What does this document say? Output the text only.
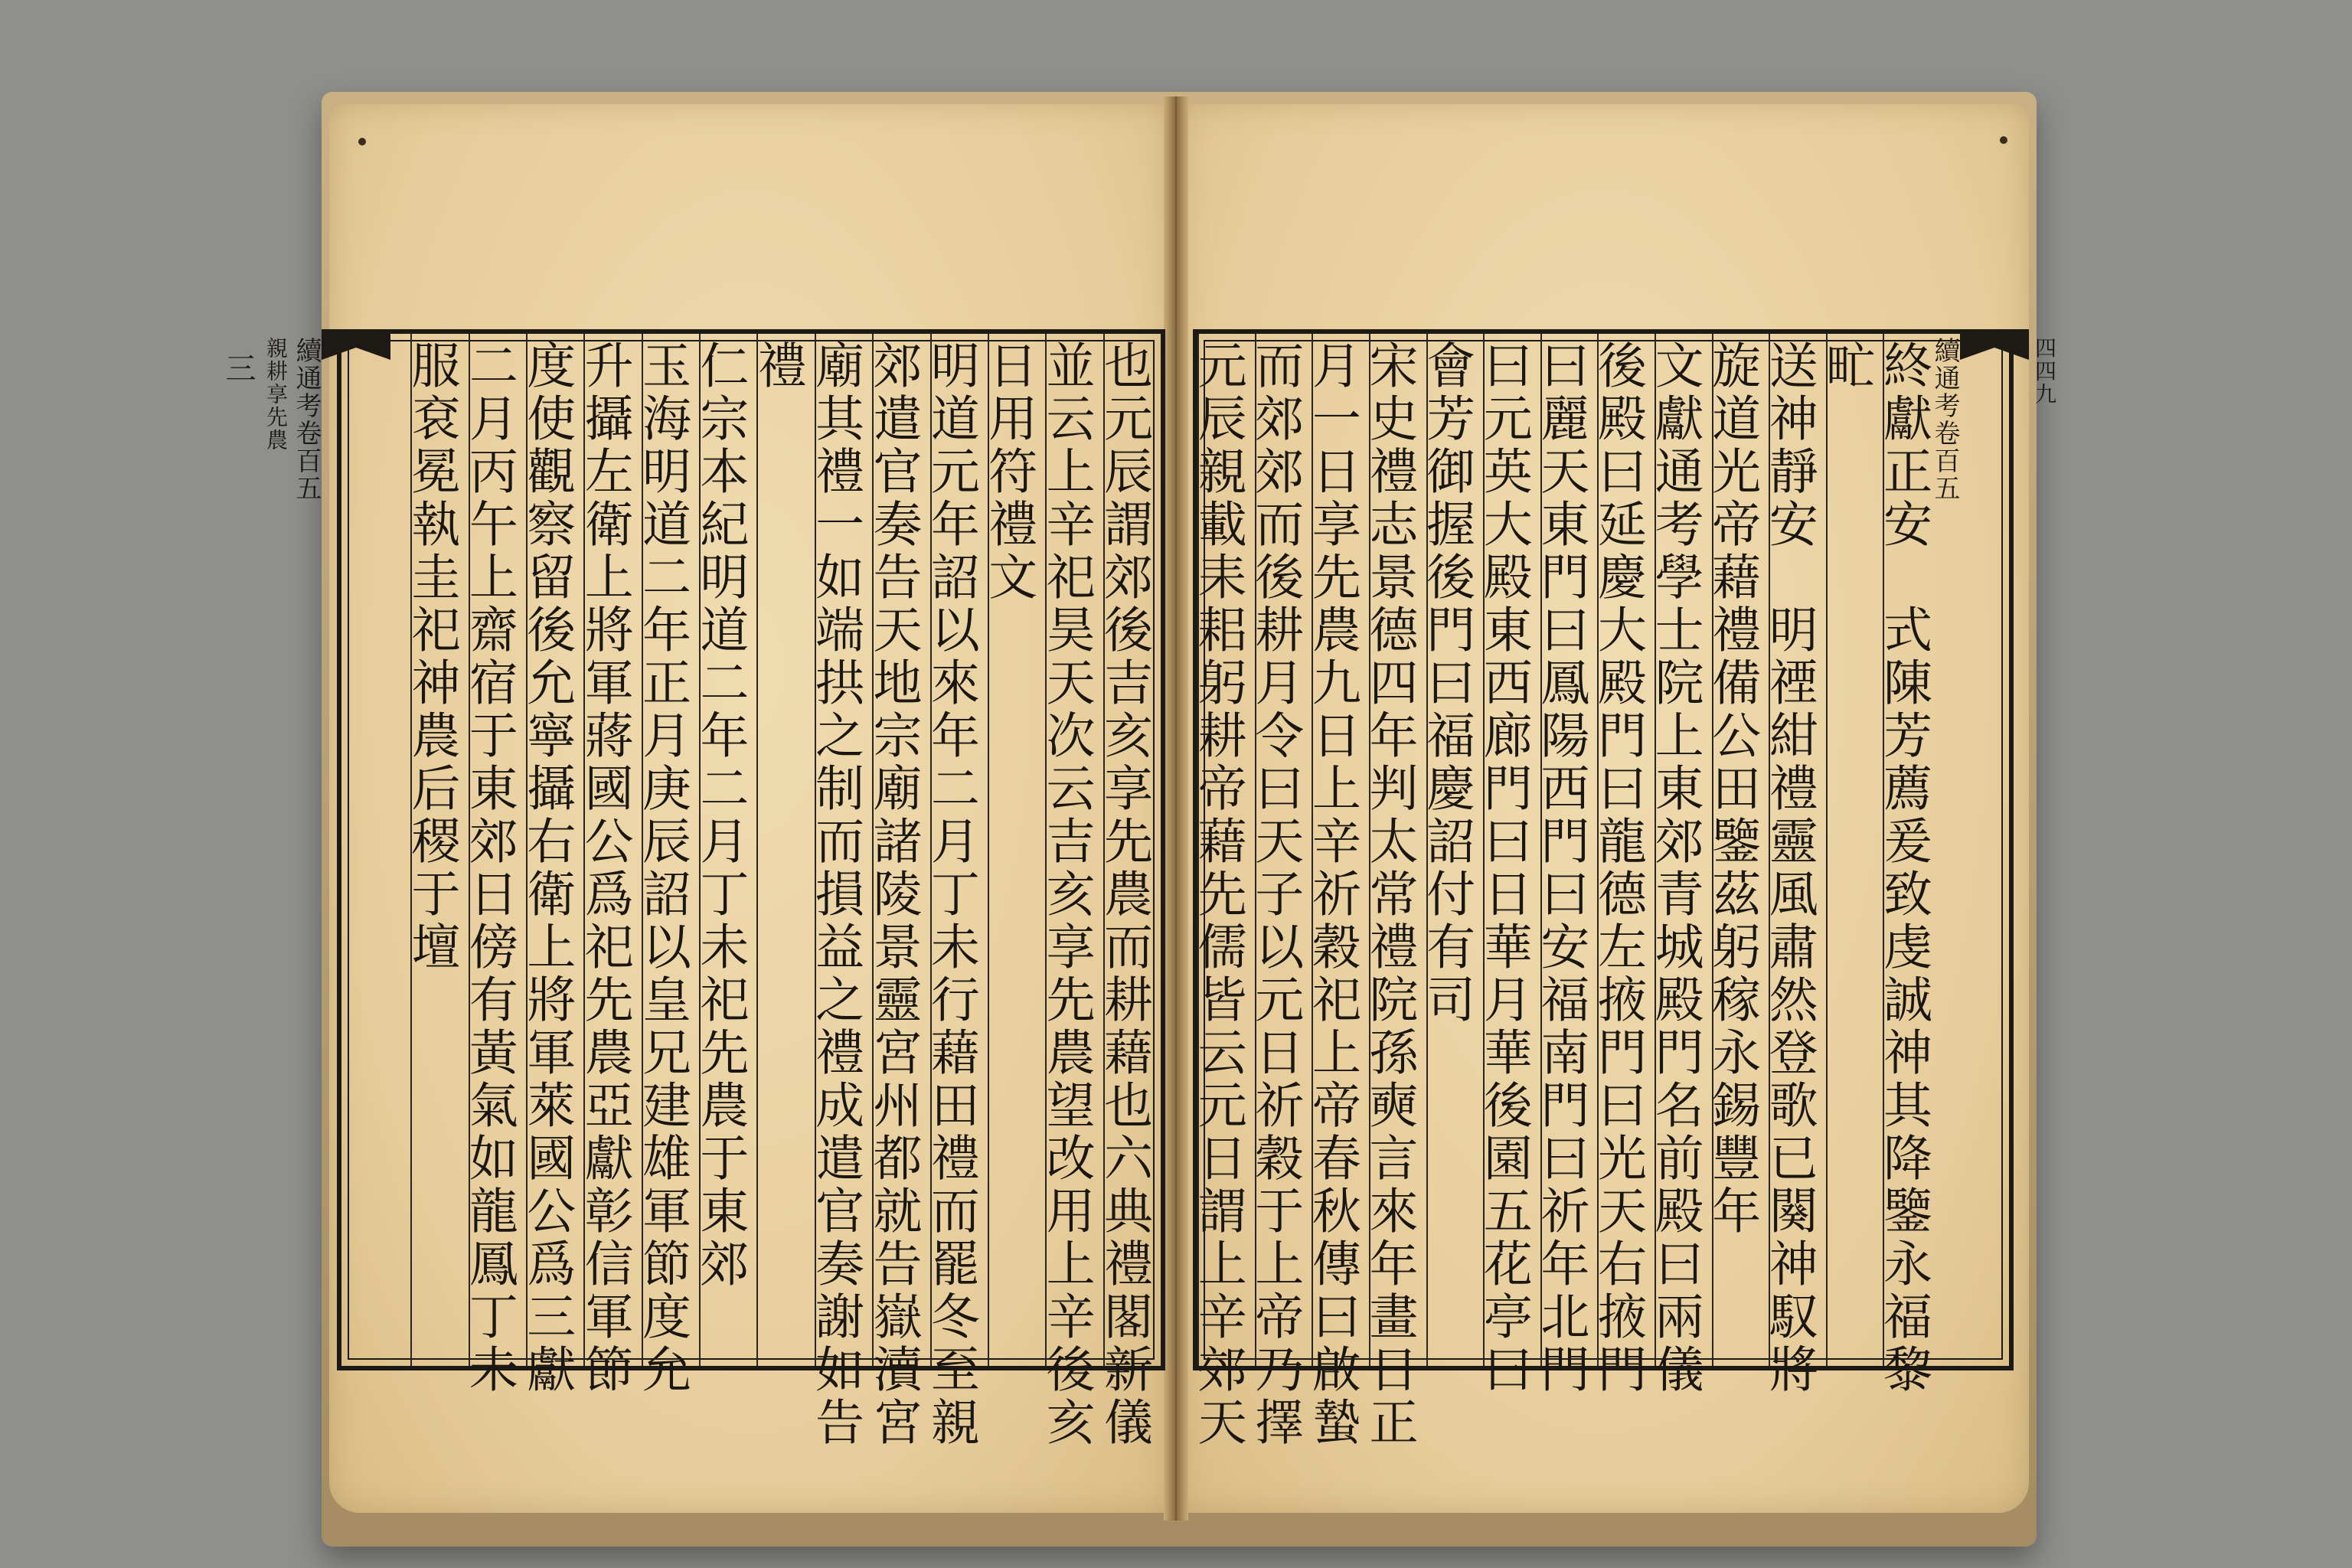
也元辰謂郊後吉亥享先農而耕藉也六典禮閣新儀
並云上辛祀昊天次云吉亥享先農望改用上辛後亥
日用符禮文
明道元年詔以來年二月丁未行藉田禮而罷冬至親
郊遣官奏告天地宗廟諸陵景靈宮州都就告嶽瀆宮
廟其禮一如端拱之制而損益之禮成遣官奏謝如告
禮
仁宗本紀明道二年二月丁未祀先農于東郊
玉海明道二年正月庚辰詔以皇兄建雄軍節度允
升攝左衛上將軍蔣國公爲祀先農亞獻彰信軍節
度使觀察留後允寧攝右衛上將軍萊國公爲三獻
二月丙午上齋宿于東郊日傍有黃氣如龍鳳丁未
服袞冕執圭祀神農后稷于壇
續通考卷百五
親耕享先農
三	終獻正安　式陳芳薦爰致虔誠神其降鑒永福黎
甿
送神靜安　明禋紺禮靈風肅然登歌已闋神馭將
旋道光帝藉禮備公田鑒茲躬稼永錫豐年
文獻通考學士院上東郊青城殿門名前殿曰兩儀
後殿曰延慶大殿門曰龍德左掖門曰光天右掖門
曰麗天東門曰鳳陽西門曰安福南門曰祈年北門
曰元英大殿東西廊門曰日華月華後園五花亭曰
會芳御握後門曰福慶詔付有司
宋史禮志景德四年判太常禮院孫奭言來年畫日正
月一日享先農九日上辛祈穀祀上帝春秋傳曰啟蟄
而郊郊而後耕月令曰天子以元日祈穀于上帝乃擇
元辰親載耒耜躬耕帝藉先儒皆云元日謂上辛郊天	四四九
續通考卷百五
